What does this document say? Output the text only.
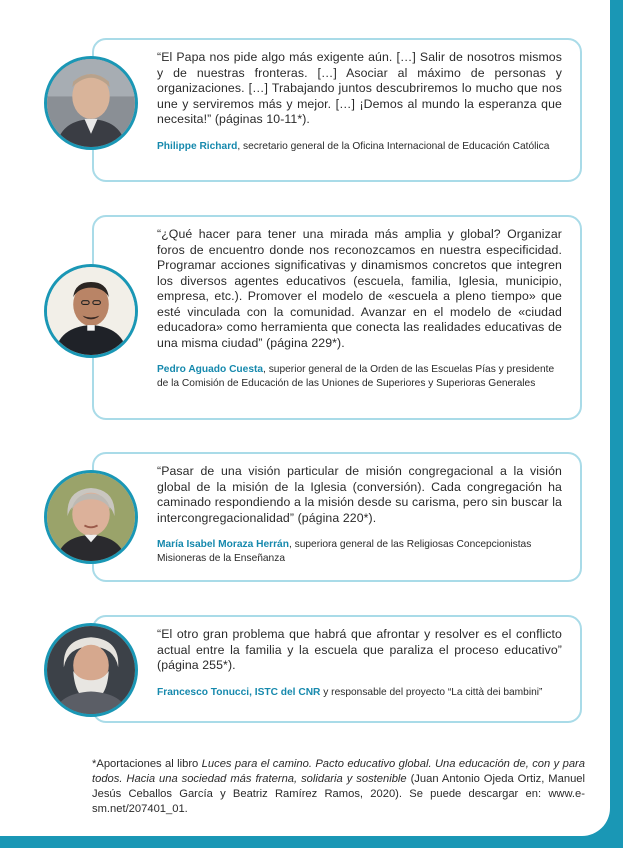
“El Papa nos pide algo más exigente aún. […] Salir de nosotros mismos y de nuestras fronteras. […] Asociar al máximo de personas y organizaciones. […] Trabajando juntos descubriremos lo mucho que nos une y serviremos más y mejor. […] ¡Demos al mundo la esperanza que necesita!” (páginas 10-11*).

Philippe Richard, secretario general de la Oficina Internacional de Educación Católica

“¿Qué hacer para tener una mirada más amplia y global? Organizar foros de encuentro donde nos reconozcamos en nuestra especificidad. Programar acciones significativas y dinamismos concretos que integren los diversos agentes educativos (escuela, familia, Iglesia, municipio, empresa, etc.). Promover el modelo de «escuela a pleno tiempo» que esté vinculada con la comunidad. Avanzar en el modelo de «ciudad educadora» como herramienta que conecta las realidades educativas de una misma ciudad” (página 229*).

Pedro Aguado Cuesta, superior general de la Orden de las Escuelas Pías y presidente de la Comisión de Educación de las Uniones de Superiores y Superioras Generales

“Pasar de una visión particular de misión congregacional a la visión global de la misión de la Iglesia (conversión). Cada congregación ha caminado respondiendo a la misión desde su carisma, pero sin buscar la intercongregacionalidad” (página 220*).

María Isabel Moraza Herrán, superiora general de las Religiosas Concepcionistas Misioneras de la Enseñanza

“El otro gran problema que habrá que afrontar y resolver es el conflicto actual entre la familia y la escuela que paraliza el proceso educativo” (página 255*).

Francesco Tonucci, ISTC del CNR y responsable del proyecto “La città dei bambini”

*Aportaciones al libro Luces para el camino. Pacto educativo global. Una educación de, con y para todos. Hacia una sociedad más fraterna, solidaria y sostenible (Juan Antonio Ojeda Ortiz, Manuel Jesús Ceballos García y Beatriz Ramírez Ramos, 2020). Se puede descargar en: www.e-sm.net/207401_01.
